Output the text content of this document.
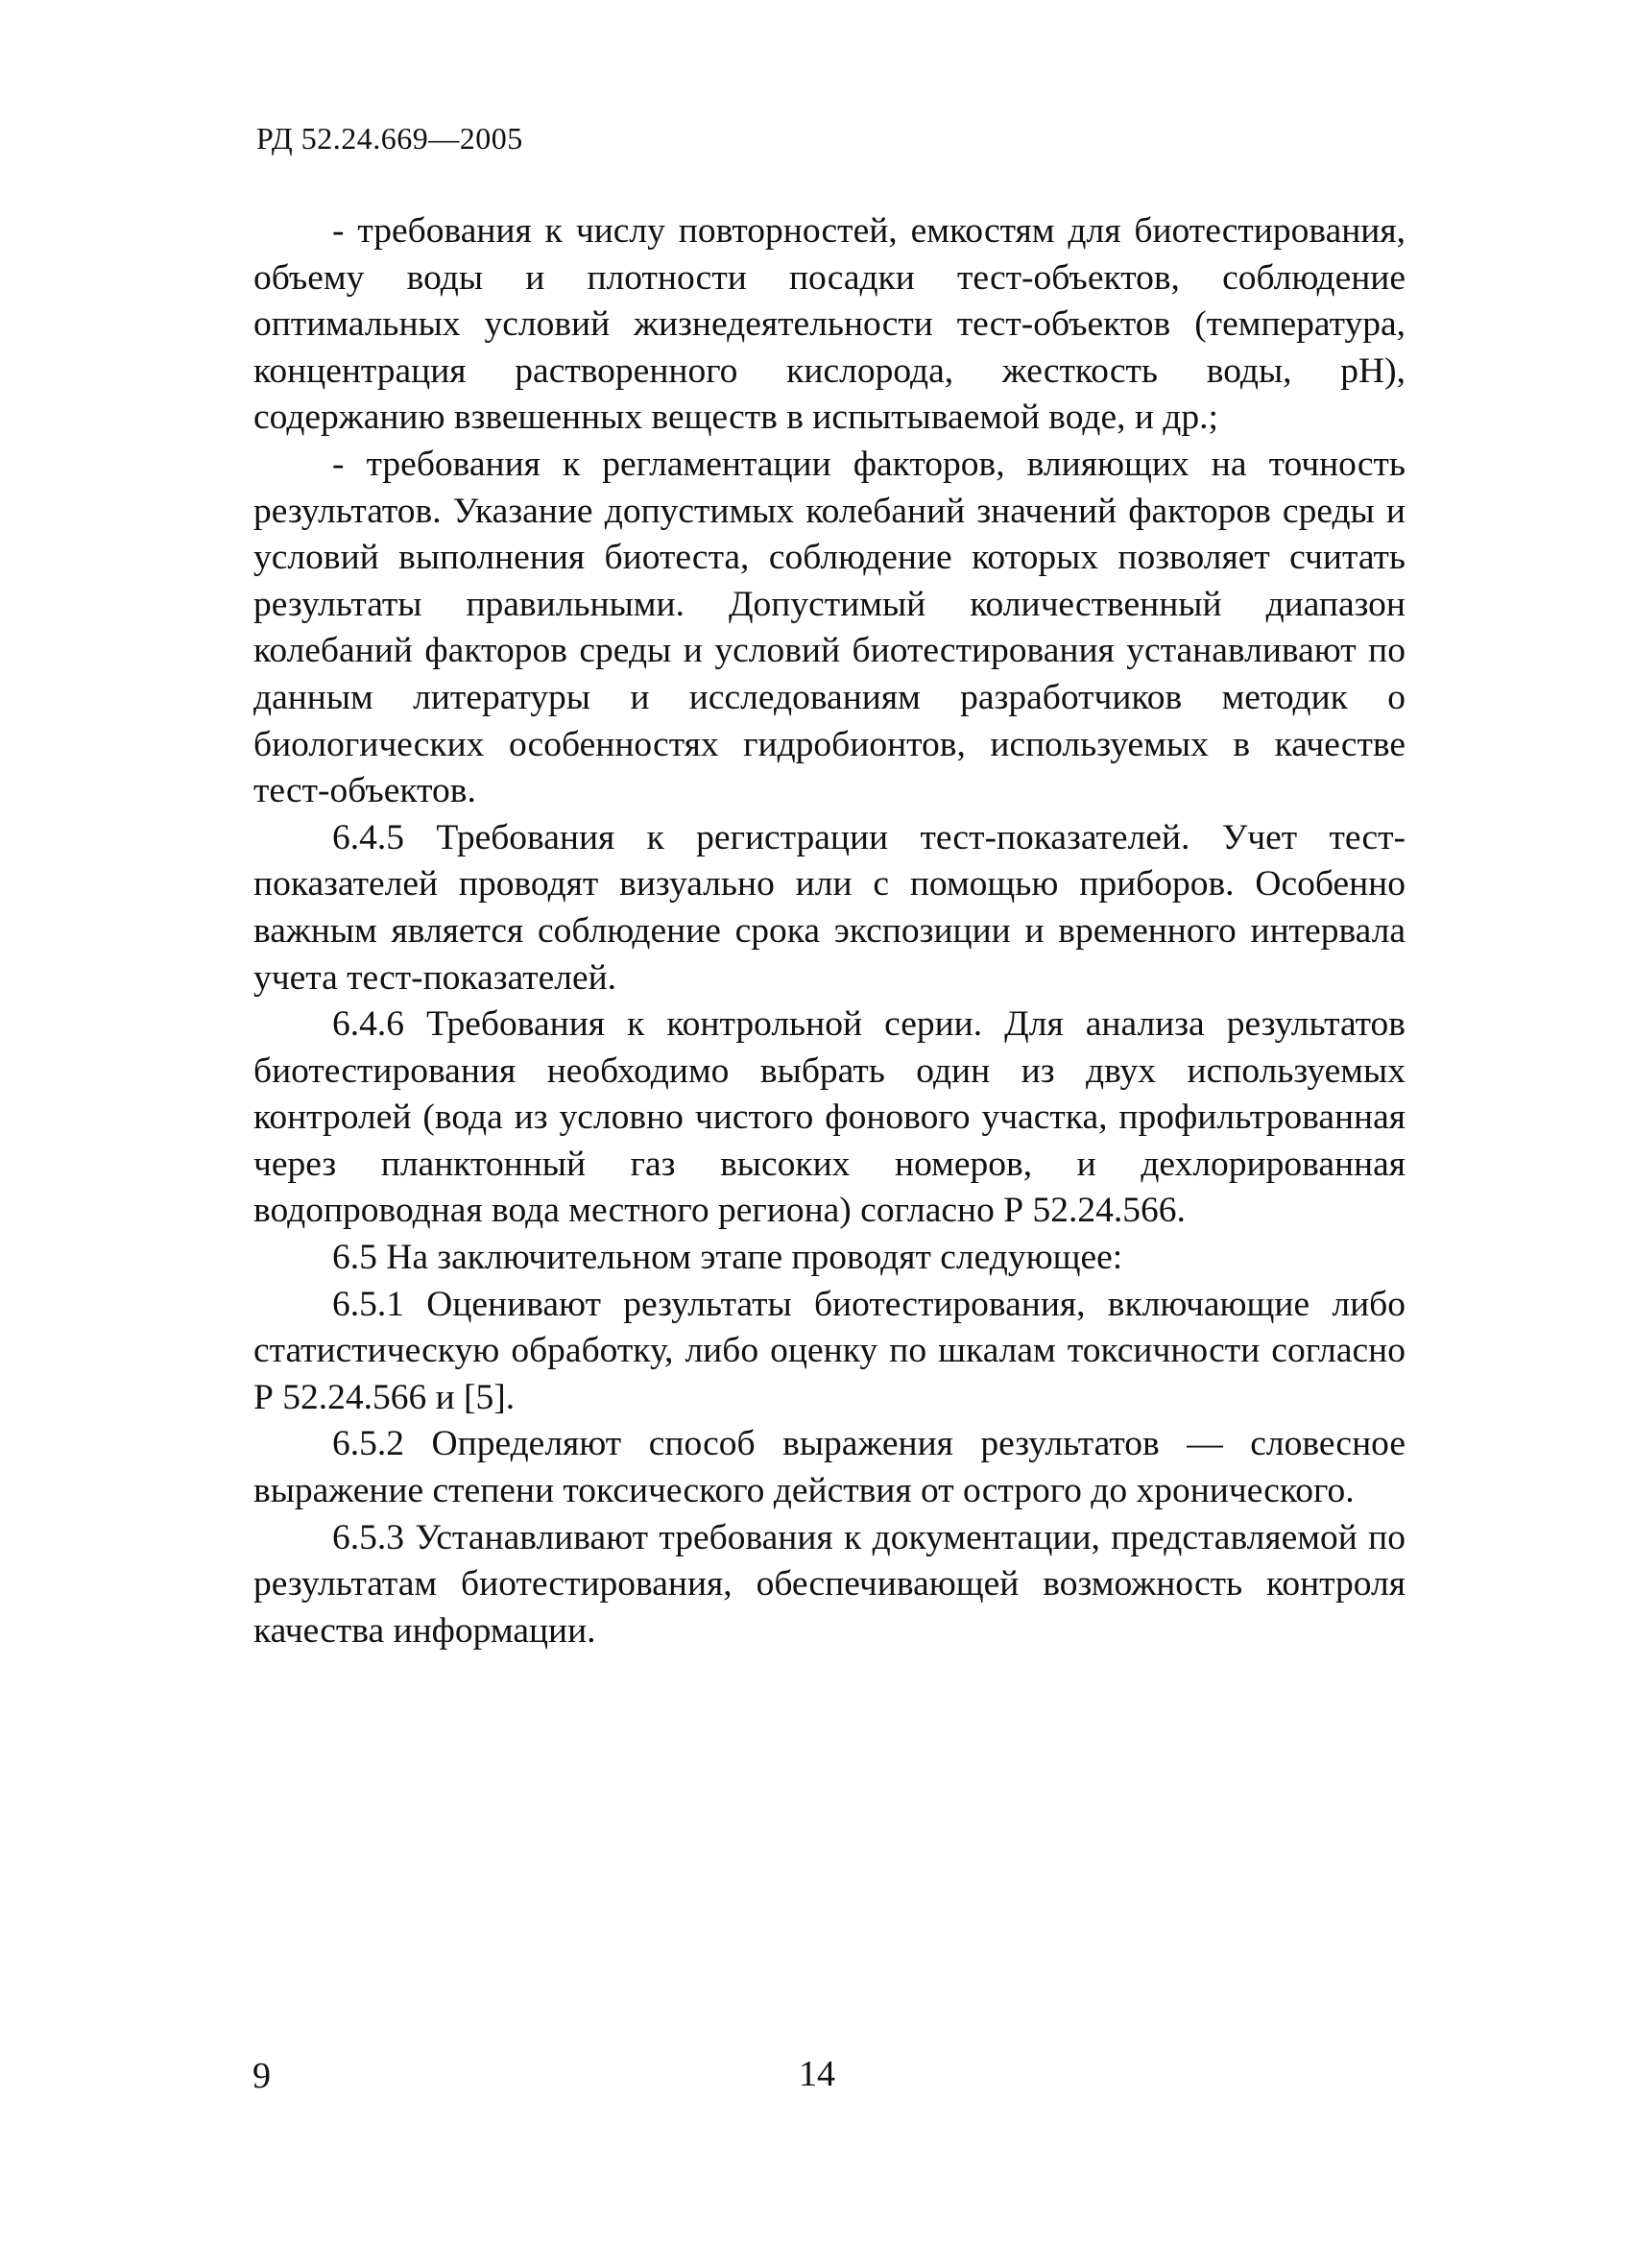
РД 52.24.669—2005

- требования к числу повторностей, емкостям для биотестирования, объему воды и плотности посадки тест-объектов, соблюдение оптимальных условий жизнедеятельности тест-объектов (температура, концентрация растворенного кислорода, жесткость воды, pH), содержанию взвешенных веществ в испытываемой воде, и др.;

- требования к регламентации факторов, влияющих на точность результатов. Указание допустимых колебаний значений факторов среды и условий выполнения биотеста, соблюдение которых позволяет считать результаты правильными. Допустимый количественный диапазон колебаний факторов среды и условий биотестирования устанавливают по данным литературы и исследованиям разработчиков методик о биологических особенностях гидробионтов, используемых в качестве тест-объектов.

6.4.5 Требования к регистрации тест-показателей. Учет тест-показателей проводят визуально или с помощью приборов. Особенно важным является соблюдение срока экспозиции и временного интервала учета тест-показателей.

6.4.6 Требования к контрольной серии. Для анализа результатов биотестирования необходимо выбрать один из двух используемых контролей (вода из условно чистого фонового участка, профильтрованная через планктонный газ высоких номеров, и дехлорированная водопроводная вода местного региона) согласно Р 52.24.566.

6.5 На заключительном этапе проводят следующее:

6.5.1 Оценивают результаты биотестирования, включающие либо статистическую обработку, либо оценку по шкалам токсичности согласно Р 52.24.566 и [5].

6.5.2 Определяют способ выражения результатов — словесное выражение степени токсического действия от острого до хронического.

6.5.3 Устанавливают требования к документации, представляемой по результатам биотестирования, обеспечивающей возможность контроля качества информации.

9	14
